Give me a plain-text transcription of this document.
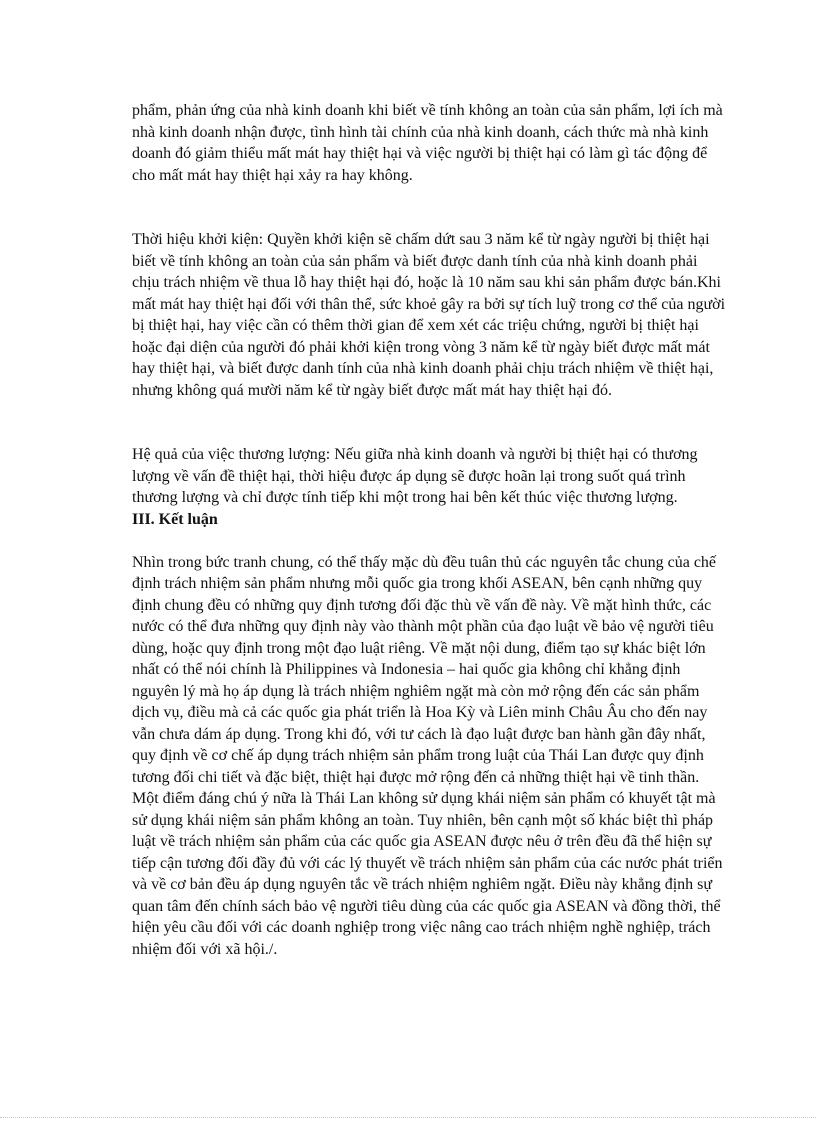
phẩm, phản ứng của nhà kinh doanh khi biết về tính không an toàn của sản phẩm, lợi ích mà nhà kinh doanh nhận được, tình hình tài chính của nhà kinh doanh, cách thức mà nhà kinh doanh đó giảm thiểu mất mát hay thiệt hại và việc người bị thiệt hại có làm gì tác động để cho mất mát hay thiệt hại xảy ra hay không.

Thời hiệu khởi kiện: Quyền khởi kiện sẽ chấm dứt sau 3 năm kể từ ngày người bị thiệt hại biết về tính không an toàn của sản phẩm và biết được danh tính của nhà kinh doanh phải chịu trách nhiệm về thua lỗ hay thiệt hại đó, hoặc là 10 năm sau khi sản phẩm được bán.Khi mất mát hay thiệt hại đối với thân thể, sức khoẻ gây ra bởi sự tích luỹ trong cơ thể của người bị thiệt hại, hay việc cần có thêm thời gian để xem xét các triệu chứng, người bị thiệt hại hoặc đại diện của người đó phải khởi kiện trong vòng 3 năm kể từ ngày biết được mất mát hay thiệt hại, và biết được danh tính của nhà kinh doanh phải chịu trách nhiệm về thiệt hại, nhưng không quá mười năm kể từ ngày biết được mất mát hay thiệt hại đó.

Hệ quả của việc thương lượng: Nếu giữa nhà kinh doanh và người bị thiệt hại có thương lượng về vấn đề thiệt hại, thời hiệu được áp dụng sẽ được hoãn lại trong suốt quá trình thương lượng và chỉ được tính tiếp khi một trong hai bên kết thúc việc thương lượng.

III. Kết luận

Nhìn trong bức tranh chung, có thể thấy mặc dù đều tuân thủ các nguyên tắc chung của chế định trách nhiệm sản phẩm nhưng mỗi quốc gia trong khối ASEAN, bên cạnh những quy định chung đều có những quy định tương đối đặc thù về vấn đề này. Về mặt hình thức, các nước có thể đưa những quy định này vào thành một phần của đạo luật về bảo vệ người tiêu dùng, hoặc quy định trong một đạo luật riêng. Về mặt nội dung, điểm tạo sự khác biệt lớn nhất có thể nói chính là Philippines và Indonesia – hai quốc gia không chỉ khẳng định nguyên lý mà họ áp dụng là trách nhiệm nghiêm ngặt mà còn mở rộng đến các sản phẩm dịch vụ, điều mà cả các quốc gia phát triển là Hoa Kỳ và Liên minh Châu Âu cho đến nay vẫn chưa dám áp dụng. Trong khi đó, với tư cách là đạo luật được ban hành gần đây nhất, quy định về cơ chế áp dụng trách nhiệm sản phẩm trong luật của Thái Lan được quy định tương đối chi tiết và đặc biệt, thiệt hại được mở rộng đến cả những thiệt hại về tinh thần. Một điểm đáng chú ý nữa là Thái Lan không sử dụng khái niệm sản phẩm có khuyết tật mà sử dụng khái niệm sản phẩm không an toàn. Tuy nhiên, bên cạnh một số khác biệt thì pháp luật về trách nhiệm sản phẩm của các quốc gia ASEAN được nêu ở trên đều đã thể hiện sự tiếp cận tương đối đầy đủ với các lý thuyết về trách nhiệm sản phẩm của các nước phát triển và về cơ bản đều áp dụng nguyên tắc về trách nhiệm nghiêm ngặt. Điều này khẳng định sự quan tâm đến chính sách bảo vệ người tiêu dùng của các quốc gia ASEAN và đồng thời, thể hiện yêu cầu đối với các doanh nghiệp trong việc nâng cao trách nhiệm nghề nghiệp, trách nhiệm đối với xã hội./.
